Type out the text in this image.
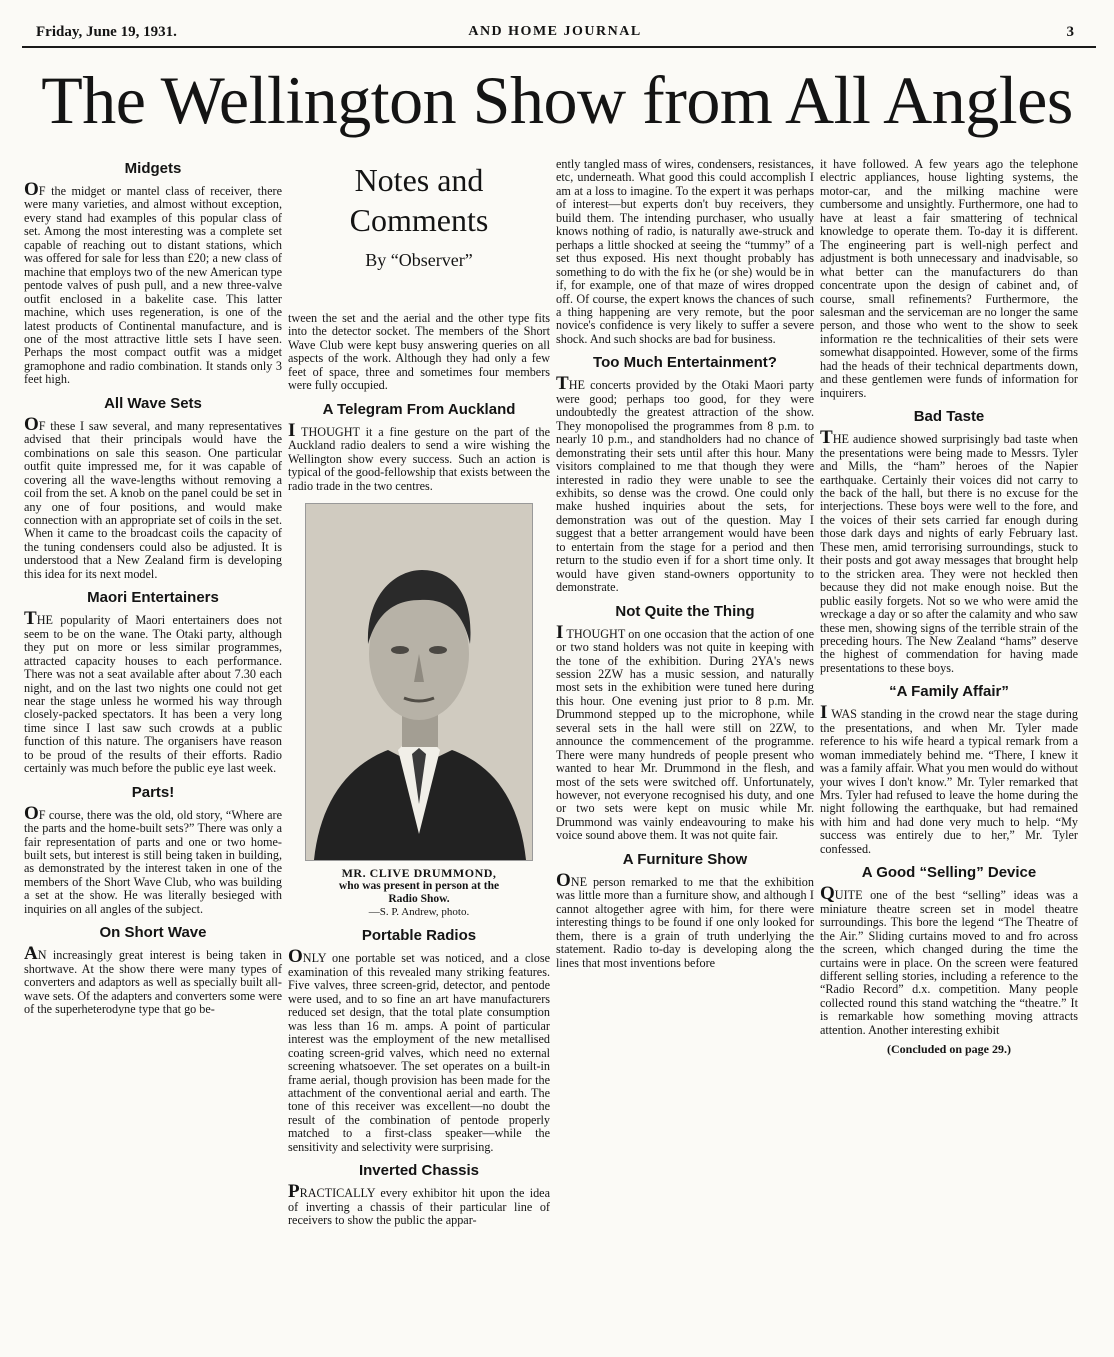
Friday, June 19, 1931.	AND HOME JOURNAL	3
The Wellington Show from All Angles
Midgets

OF the midget or mantel class of receiver, there were many varieties, and almost without exception, every stand had examples of this popular class of set. Among the most interesting was a complete set capable of reaching out to distant stations, which was offered for sale for less than £20; a new class of machine that employs two of the new American type pentode valves of push pull, and a new three-valve outfit enclosed in a bakelite case. This latter machine, which uses regeneration, is one of the latest products of Continental manufacture, and is one of the most attractive little sets I have seen. Perhaps the most compact outfit was a midget gramophone and radio combination. It stands only 3 feet high.

All Wave Sets

OF these I saw several, and many representatives advised that their principals would have the combinations on sale this season. One particular outfit quite impressed me, for it was capable of covering all the wave-lengths without removing a coil from the set. A knob on the panel could be set in any one of four positions, and would make connection with an appropriate set of coils in the set. When it came to the broadcast coils the capacity of the tuning condensers could also be adjusted. It is understood that a New Zealand firm is developing this idea for its next model.

Maori Entertainers

THE popularity of Maori entertainers does not seem to be on the wane. The Otaki party, although they put on more or less similar programmes, attracted capacity houses to each performance. There was not a seat available after about 7.30 each night, and on the last two nights one could not get near the stage unless he wormed his way through closely-packed spectators. It has been a very long time since I last saw such crowds at a public function of this nature. The organisers have reason to be proud of the results of their efforts. Radio certainly was much before the public eye last week.

Parts!

OF course, there was the old, old story, “Where are the parts and the home-built sets?” There was only a fair representation of parts and one or two home-built sets, but interest is still being taken in building, as demonstrated by the interest taken in one of the members of the Short Wave Club, who was building a set at the show. He was literally besieged with inquiries on all angles of the subject.

On Short Wave

AN increasingly great interest is being taken in shortwave. At the show there were many types of converters and adaptors as well as specially built all-wave sets. Of the adapters and converters some were of the superheterodyne type that go be-

Notes and Comments
By “Observer”

tween the set and the aerial and the other type fits into the detector socket. The members of the Short Wave Club were kept busy answering queries on all aspects of the work. Although they had only a few feet of space, three and sometimes four members were fully occupied.

A Telegram From Auckland

I THOUGHT it a fine gesture on the part of the Auckland radio dealers to send a wire wishing the Wellington show every success. Such an action is typical of the good-fellowship that exists between the radio trade in the two centres.

MR. CLIVE DRUMMOND,
who was present in person at the
Radio Show.
—S. P. Andrew, photo.
Portable Radios

ONLY one portable set was noticed, and a close examination of this revealed many striking features. Five valves, three screen-grid, detector, and pentode were used, and to so fine an art have manufacturers reduced set design, that the total plate consumption was less than 16 m. amps. A point of particular interest was the employment of the new metallised coating screen-grid valves, which need no external screening whatsoever. The set operates on a built-in frame aerial, though provision has been made for the attachment of the conventional aerial and earth. The tone of this receiver was excellent—no doubt the result of the combination of pentode properly matched to a first-class speaker—while the sensitivity and selectivity were surprising.

Inverted Chassis

PRACTICALLY every exhibitor hit upon the idea of inverting a chassis of their particular line of receivers to show the public the appar-

ently tangled mass of wires, condensers, resistances, etc, underneath. What good this could accomplish I am at a loss to imagine. To the expert it was perhaps of interest—but experts don't buy receivers, they build them. The intending purchaser, who usually knows nothing of radio, is naturally awe-struck and perhaps a little shocked at seeing the “tummy” of a set thus exposed. His next thought probably has something to do with the fix he (or she) would be in if, for example, one of that maze of wires dropped off. Of course, the expert knows the chances of such a thing happening are very remote, but the poor novice's confidence is very likely to suffer a severe shock. And such shocks are bad for business.

Too Much Entertainment?

THE concerts provided by the Otaki Maori party were good; perhaps too good, for they were undoubtedly the greatest attraction of the show. They monopolised the programmes from 8 p.m. to nearly 10 p.m., and standholders had no chance of demonstrating their sets until after this hour. Many visitors complained to me that though they were interested in radio they were unable to see the exhibits, so dense was the crowd. One could only make hushed inquiries about the sets, for demonstration was out of the question. May I suggest that a better arrangement would have been to entertain from the stage for a period and then return to the studio even if for a short time only. It would have given stand-owners opportunity to demonstrate.

Not Quite the Thing

I THOUGHT on one occasion that the action of one or two stand holders was not quite in keeping with the tone of the exhibition. During 2YA's news session 2ZW has a music session, and naturally most sets in the exhibition were tuned here during this hour. One evening just prior to 8 p.m. Mr. Drummond stepped up to the microphone, while several sets in the hall were still on 2ZW, to announce the commencement of the programme. There were many hundreds of people present who wanted to hear Mr. Drummond in the flesh, and most of the sets were switched off. Unfortunately, however, not everyone recognised his duty, and one or two sets were kept on music while Mr. Drummond was vainly endeavouring to make his voice sound above them. It was not quite fair.

A Furniture Show

ONE person remarked to me that the exhibition was little more than a furniture show, and although I cannot altogether agree with him, for there were interesting things to be found if one only looked for them, there is a grain of truth underlying the statement. Radio to-day is developing along the lines that most inventions before

it have followed. A few years ago the telephone electric appliances, house lighting systems, the motor-car, and the milking machine were cumbersome and unsightly. Furthermore, one had to have at least a fair smattering of technical knowledge to operate them. To-day it is different. The engineering part is well-nigh perfect and adjustment is both unnecessary and inadvisable, so what better can the manufacturers do than concentrate upon the design of cabinet and, of course, small refinements? Furthermore, the salesman and the serviceman are no longer the same person, and those who went to the show to seek information re the technicalities of their sets were somewhat disappointed. However, some of the firms had the heads of their technical departments down, and these gentlemen were funds of information for inquirers.

Bad Taste

THE audience showed surprisingly bad taste when the presentations were being made to Messrs. Tyler and Mills, the “ham” heroes of the Napier earthquake. Certainly their voices did not carry to the back of the hall, but there is no excuse for the interjections. These boys were well to the fore, and the voices of their sets carried far enough during those dark days and nights of early February last. These men, amid terrorising surroundings, stuck to their posts and got away messages that brought help to the stricken area. They were not heckled then because they did not make enough noise. But the public easily forgets. Not so we who were amid the wreckage a day or so after the calamity and who saw these men, showing signs of the terrible strain of the preceding hours. The New Zealand “hams” deserve the highest of commendation for having made presentations to these boys.

“A Family Affair”

I WAS standing in the crowd near the stage during the presentations, and when Mr. Tyler made reference to his wife heard a typical remark from a woman immediately behind me. “There, I knew it was a family affair. What you men would do without your wives I don't know.” Mr. Tyler remarked that Mrs. Tyler had refused to leave the home during the night following the earthquake, but had remained with him and had done very much to help. “My success was entirely due to her,” Mr. Tyler confessed.

A Good “Selling” Device

QUITE one of the best “selling” ideas was a miniature theatre screen set in model theatre surroundings. This bore the legend “The Theatre of the Air.” Sliding curtains moved to and fro across the screen, which changed during the time the curtains were in place. On the screen were featured different selling stories, including a reference to the “Radio Record” d.x. competition. Many people collected round this stand watching the “theatre.” It is remarkable how something moving attracts attention. Another interesting exhibit

(Concluded on page 29.)
